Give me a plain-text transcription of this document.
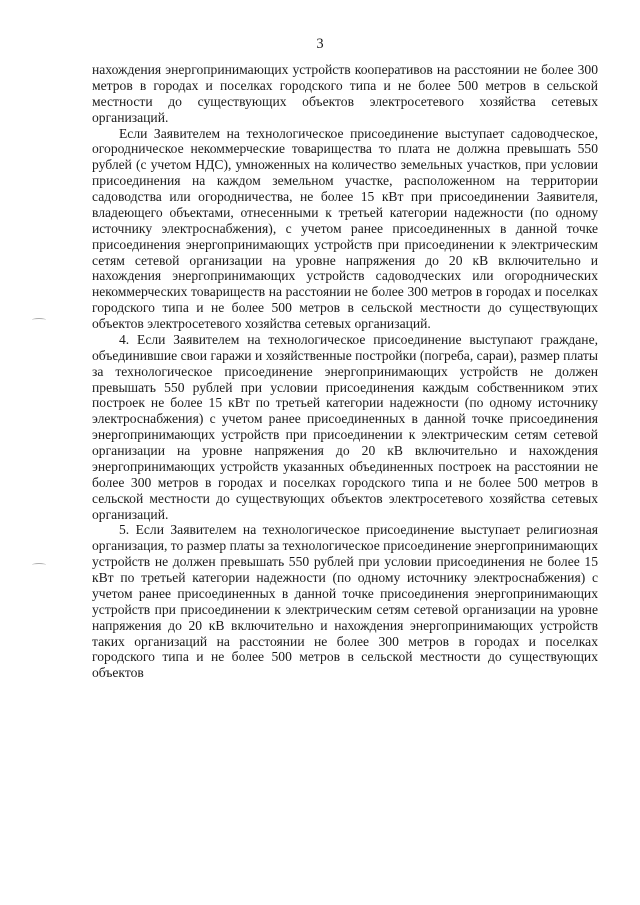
3

нахождения энергопринимающих устройств кооперативов на расстоянии не более 300 метров в городах и поселках городского типа и не более 500 метров в сельской местности до существующих объектов электросетевого хозяйства сетевых организаций.

Если Заявителем на технологическое присоединение выступает садоводческое, огородническое некоммерческие товарищества то плата не должна превышать 550 рублей (с учетом НДС), умноженных на количество земельных участков, при условии присоединения на каждом земельном участке, расположенном на территории садоводства или огородничества, не более 15 кВт при присоединении Заявителя, владеющего объектами, отнесенными к третьей категории надежности (по одному источнику электроснабжения), с учетом ранее присоединенных в данной точке присоединения энергопринимающих устройств при присоединении к электрическим сетям сетевой организации на уровне напряжения до 20 кВ включительно и нахождения энергопринимающих устройств садоводческих или огороднических некоммерческих товариществ на расстоянии не более 300 метров в городах и поселках городского типа и не более 500 метров в сельской местности до существующих объектов электросетевого хозяйства сетевых организаций.

4. Если Заявителем на технологическое присоединение выступают граждане, объединившие свои гаражи и хозяйственные постройки (погреба, сараи), размер платы за технологическое присоединение энергопринимающих устройств не должен превышать 550 рублей при условии присоединения каждым собственником этих построек не более 15 кВт по третьей категории надежности (по одному источнику электроснабжения) с учетом ранее присоединенных в данной точке присоединения энергопринимающих устройств при присоединении к электрическим сетям сетевой организации на уровне напряжения до 20 кВ включительно и нахождения энергопринимающих устройств указанных объединенных построек на расстоянии не более 300 метров в городах и поселках городского типа и не более 500 метров в сельской местности до существующих объектов электросетевого хозяйства сетевых организаций.

5. Если Заявителем на технологическое присоединение выступает религиозная организация, то размер платы за технологическое присоединение энергопринимающих устройств не должен превышать 550 рублей при условии присоединения не более 15 кВт по третьей категории надежности (по одному источнику электроснабжения) с учетом ранее присоединенных в данной точке присоединения энергопринимающих устройств при присоединении к электрическим сетям сетевой организации на уровне напряжения до 20 кВ включительно и нахождения энергопринимающих устройств таких организаций на расстоянии не более 300 метров в городах и поселках городского типа и не более 500 метров в сельской местности до существующих объектов
